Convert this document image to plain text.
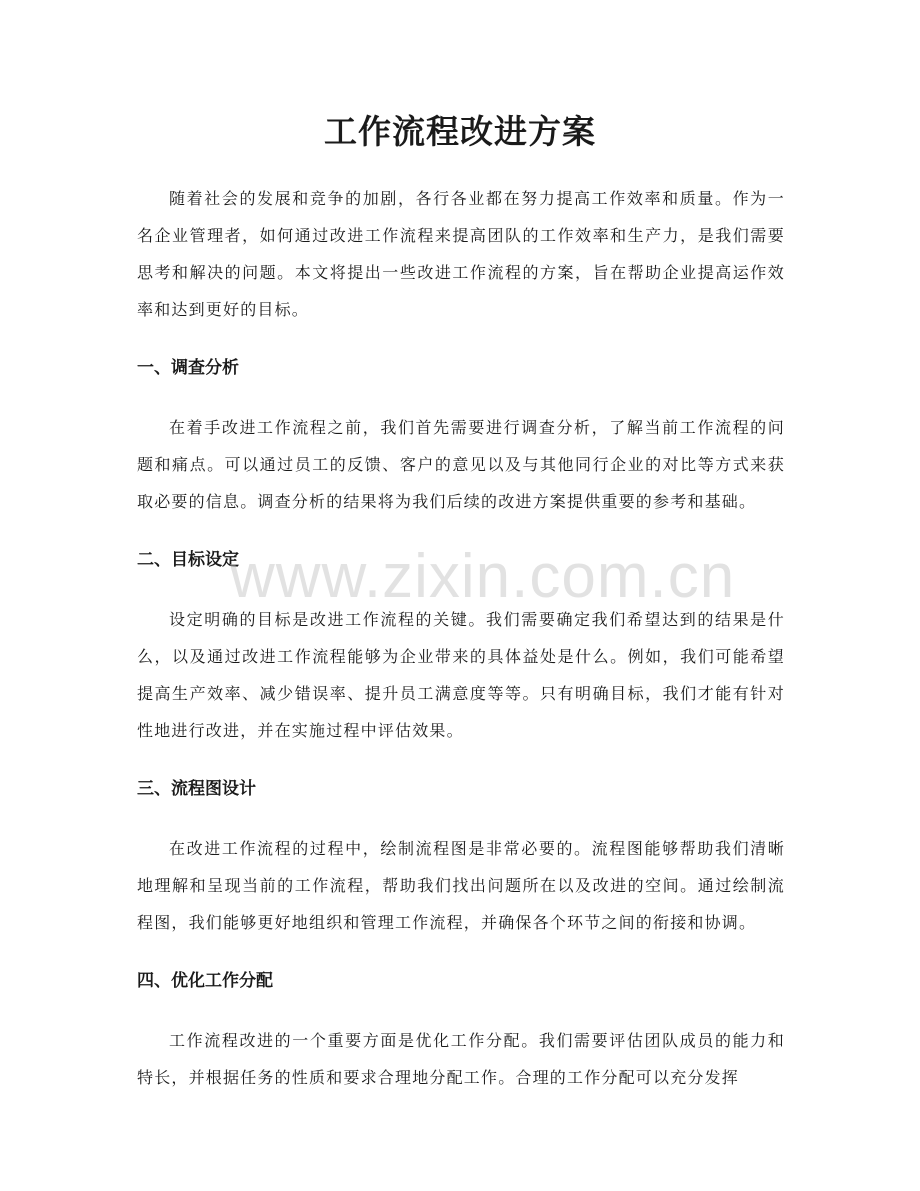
工作流程改进方案

随着社会的发展和竞争的加剧，各行各业都在努力提高工作效率和质量。作为一名企业管理者，如何通过改进工作流程来提高团队的工作效率和生产力，是我们需要思考和解决的问题。本文将提出一些改进工作流程的方案，旨在帮助企业提高运作效率和达到更好的目标。

一、调查分析

在着手改进工作流程之前，我们首先需要进行调查分析，了解当前工作流程的问题和痛点。可以通过员工的反馈、客户的意见以及与其他同行企业的对比等方式来获取必要的信息。调查分析的结果将为我们后续的改进方案提供重要的参考和基础。

二、目标设定

设定明确的目标是改进工作流程的关键。我们需要确定我们希望达到的结果是什么，以及通过改进工作流程能够为企业带来的具体益处是什么。例如，我们可能希望提高生产效率、减少错误率、提升员工满意度等等。只有明确目标，我们才能有针对性地进行改进，并在实施过程中评估效果。

三、流程图设计

在改进工作流程的过程中，绘制流程图是非常必要的。流程图能够帮助我们清晰地理解和呈现当前的工作流程，帮助我们找出问题所在以及改进的空间。通过绘制流程图，我们能够更好地组织和管理工作流程，并确保各个环节之间的衔接和协调。

四、优化工作分配

工作流程改进的一个重要方面是优化工作分配。我们需要评估团队成员的能力和特长，并根据任务的性质和要求合理地分配工作。合理的工作分配可以充分发挥

www.zixin.com.cn
